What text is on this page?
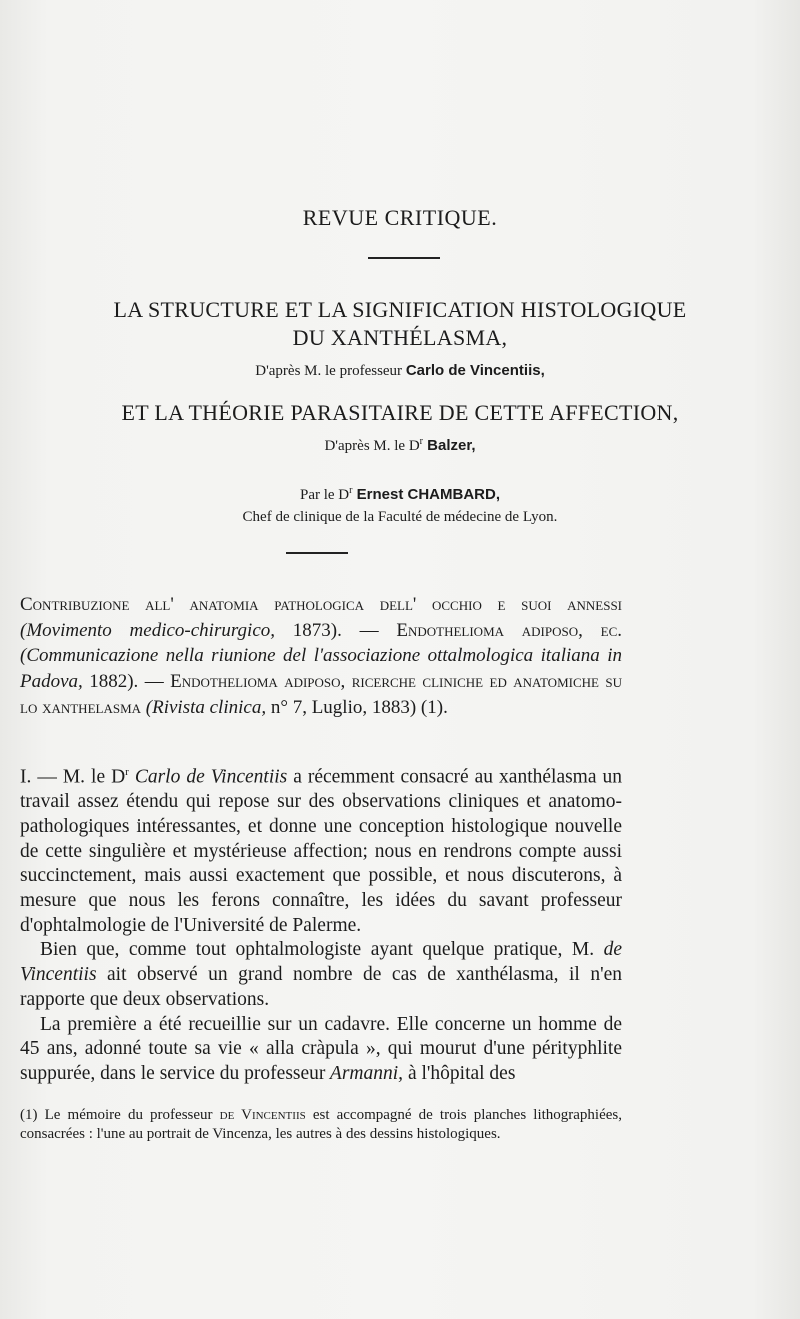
REVUE CRITIQUE.
LA STRUCTURE ET LA SIGNIFICATION HISTOLOGIQUE
DU XANTHÉLASMA,
D'après M. le professeur Carlo de Vincentiis,
ET LA THÉORIE PARASITAIRE DE CETTE AFFECTION,
D'après M. le $D^r$ Balzer,
Par le $D^r$ Ernest CHAMBARD,
Chef de clinique de la Faculté de médecine de Lyon.
Contribuzione all' anatomia pathologica dell' occhio e suoi annessi (Movimento medico-chirurgico, 1873). — Endothelioma adiposo, ec. (Communicazione nella riunione del l'associazione ottalmologica italiana in Padova, 1882). — Endothelioma adiposo, ricerche cliniche ed anatomiche su lo xanthelasma (Rivista clinica, n° 7, Luglio, 1883) (1).

I. — M. le $D^r$ Carlo de Vincentiis a récemment consacré au xanthélasma un travail assez étendu qui repose sur des observations cliniques et anatomo-pathologiques intéressantes, et donne une conception histologique nouvelle de cette singulière et mystérieuse affection; nous en rendrons compte aussi succinctement, mais aussi exactement que possible, et nous discuterons, à mesure que nous les ferons connaître, les idées du savant professeur d'ophtalmologie de l'Université de Palerme.

Bien que, comme tout ophtalmologiste ayant quelque pratique, M. de Vincentiis ait observé un grand nombre de cas de xanthélasma, il n'en rapporte que deux observations.

La première a été recueillie sur un cadavre. Elle concerne un homme de 45 ans, adonné toute sa vie « alla cràpula », qui mourut d'une pérityphlite suppurée, dans le service du professeur Armanni, à l'hôpital des

(1) Le mémoire du professeur de Vincentiis est accompagné de trois planches lithographiées, consacrées : l'une au portrait de Vincenza, les autres à des dessins histologiques.
